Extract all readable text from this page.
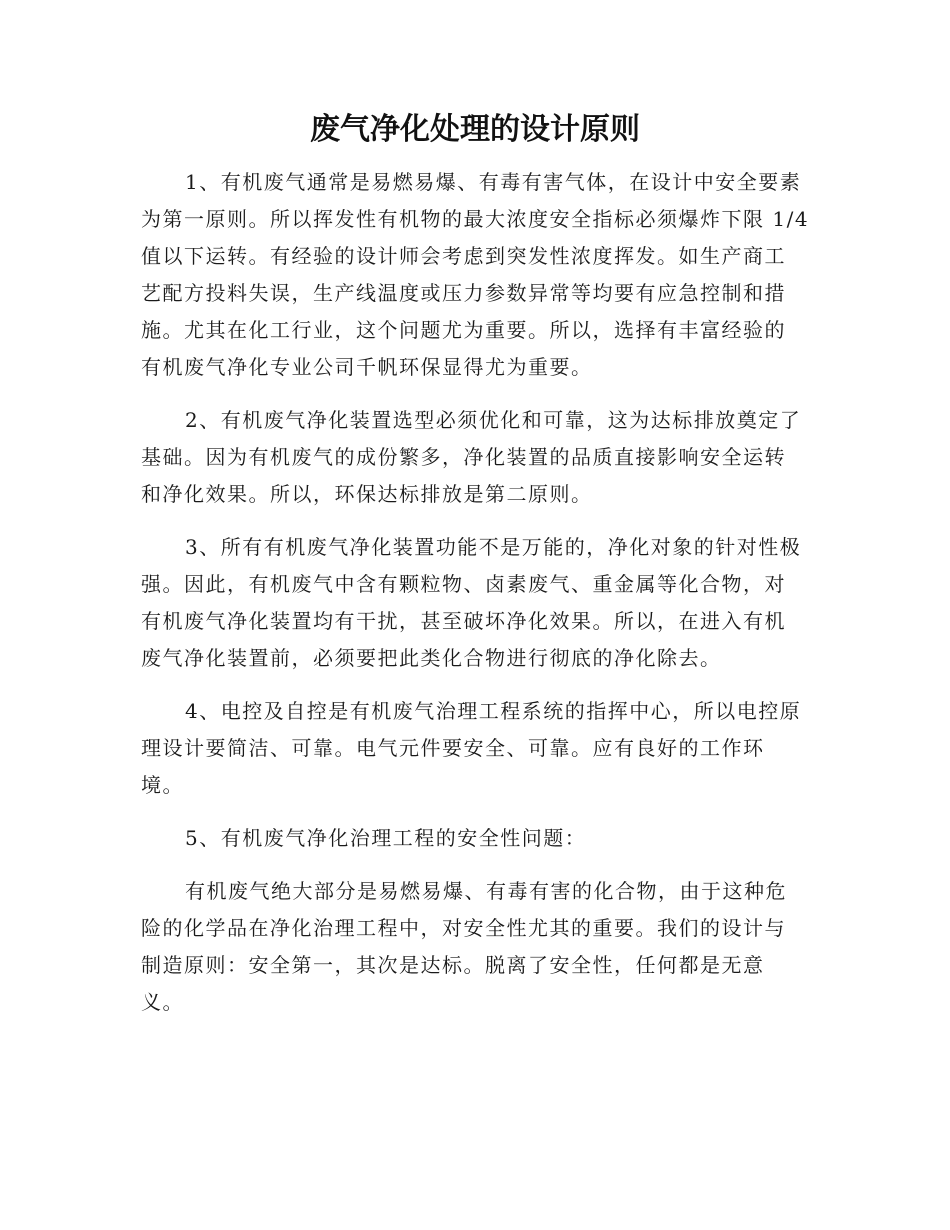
废气净化处理的设计原则

1、有机废气通常是易燃易爆、有毒有害气体，在设计中安全要素
为第一原则。所以挥发性有机物的最大浓度安全指标必须爆炸下限 1/4
值以下运转。有经验的设计师会考虑到突发性浓度挥发。如生产商工
艺配方投料失误，生产线温度或压力参数异常等均要有应急控制和措
施。尤其在化工行业，这个问题尤为重要。所以，选择有丰富经验的
有机废气净化专业公司千帆环保显得尤为重要。

2、有机废气净化装置选型必须优化和可靠，这为达标排放奠定了
基础。因为有机废气的成份繁多，净化装置的品质直接影响安全运转
和净化效果。所以，环保达标排放是第二原则。

3、所有有机废气净化装置功能不是万能的，净化对象的针对性极
强。因此，有机废气中含有颗粒物、卤素废气、重金属等化合物，对
有机废气净化装置均有干扰，甚至破坏净化效果。所以，在进入有机
废气净化装置前，必须要把此类化合物进行彻底的净化除去。

4、电控及自控是有机废气治理工程系统的指挥中心，所以电控原
理设计要简洁、可靠。电气元件要安全、可靠。应有良好的工作环
境。

5、有机废气净化治理工程的安全性问题：

有机废气绝大部分是易燃易爆、有毒有害的化合物，由于这种危
险的化学品在净化治理工程中，对安全性尤其的重要。我们的设计与
制造原则：安全第一，其次是达标。脱离了安全性，任何都是无意
义。
